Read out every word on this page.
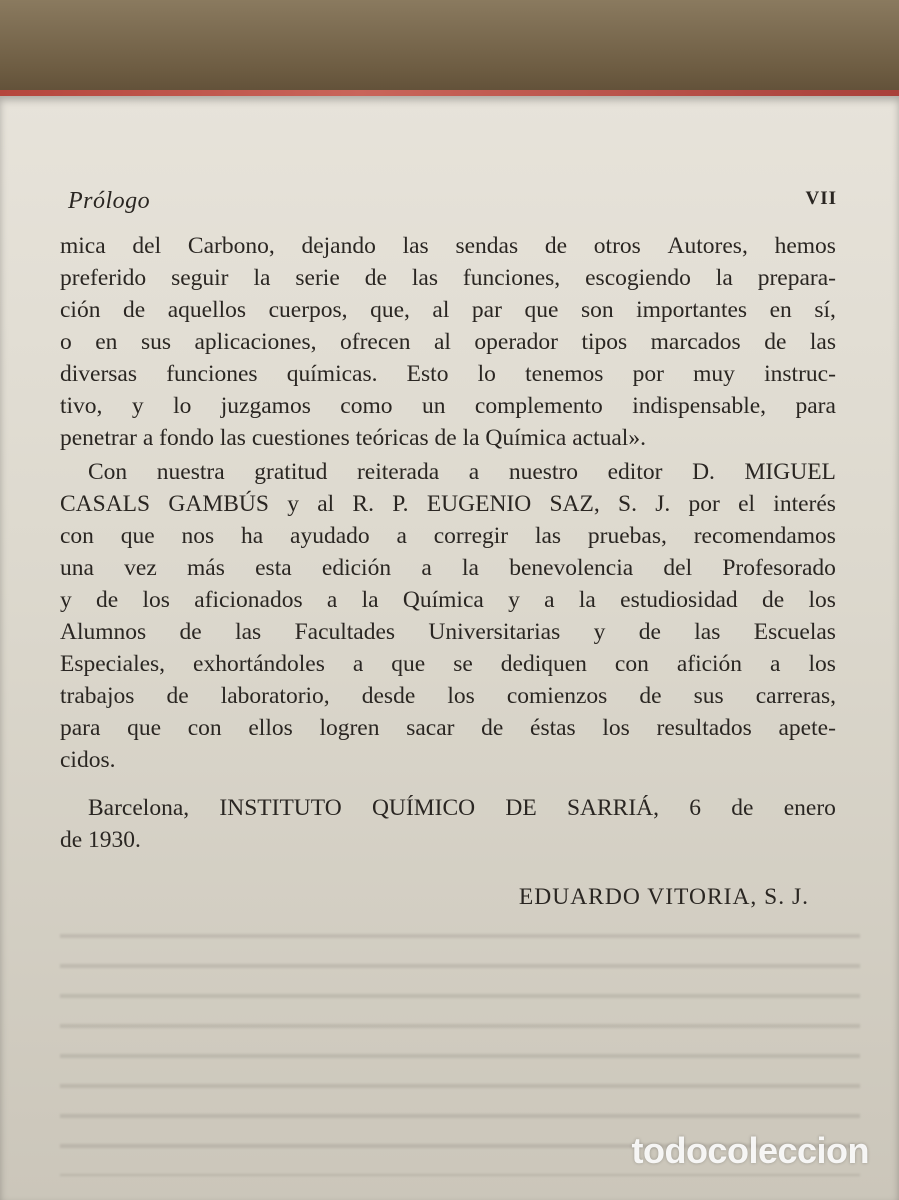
Prólogo	VII
mica del Carbono, dejando las sendas de otros Autores, hemos
preferido seguir la serie de las funciones, escogiendo la prepara-
ción de aquellos cuerpos, que, al par que son importantes en sí,
o en sus aplicaciones, ofrecen al operador tipos marcados de las
diversas funciones químicas. Esto lo tenemos por muy instruc-
tivo, y lo juzgamos como un complemento indispensable, para
penetrar a fondo las cuestiones teóricas de la Química actual».
Con nuestra gratitud reiterada a nuestro editor D. MIGUEL
CASALS GAMBÚS y al R. P. EUGENIO SAZ, S. J. por el interés
con que nos ha ayudado a corregir las pruebas, recomendamos
una vez más esta edición a la benevolencia del Profesorado
y de los aficionados a la Química y a la estudiosidad de los
Alumnos de las Facultades Universitarias y de las Escuelas
Especiales, exhortándoles a que se dediquen con afición a los
trabajos de laboratorio, desde los comienzos de sus carreras,
para que con ellos logren sacar de éstas los resultados apete-
cidos.
Barcelona, INSTITUTO QUÍMICO DE SARRIÁ, 6 de enero
de 1930.
EDUARDO VITORIA, S. J.
todocoleccion
